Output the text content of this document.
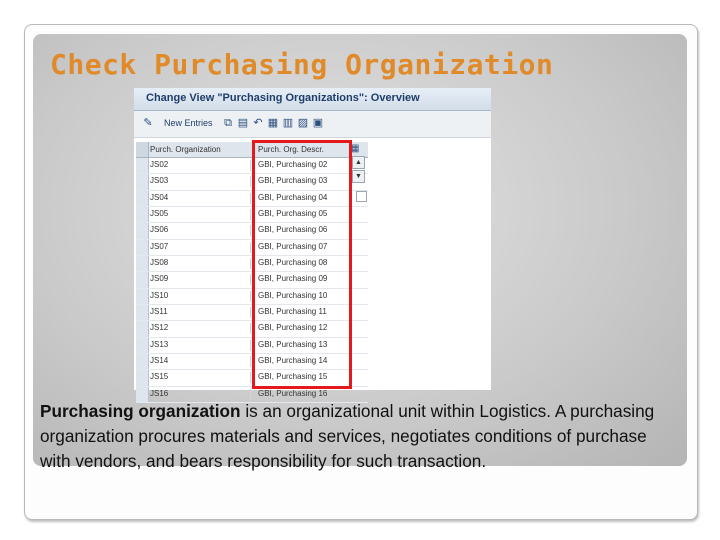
Check Purchasing Organization
Change View "Purchasing Organizations": Overview
✎ New Entries ⧉ ▤ ↶ ▦ ▥ ▨ ▣
Purch. Organization	Purch. Org. Descr.
JS02	GBI, Purchasing 02
JS03	GBI, Purchasing 03
JS04	GBI, Purchasing 04
JS05	GBI, Purchasing 05
JS06	GBI, Purchasing 06
JS07	GBI, Purchasing 07
JS08	GBI, Purchasing 08
JS09	GBI, Purchasing 09
JS10	GBI, Purchasing 10
JS11	GBI, Purchasing 11
JS12	GBI, Purchasing 12
JS13	GBI, Purchasing 13
JS14	GBI, Purchasing 14
JS15	GBI, Purchasing 15
JS16	GBI, Purchasing 16
▦
▲
▼

Purchasing organization is an organizational unit within Logistics. A purchasing organization procures materials and services, negotiates conditions of purchase with vendors, and bears responsibility for such transaction.
